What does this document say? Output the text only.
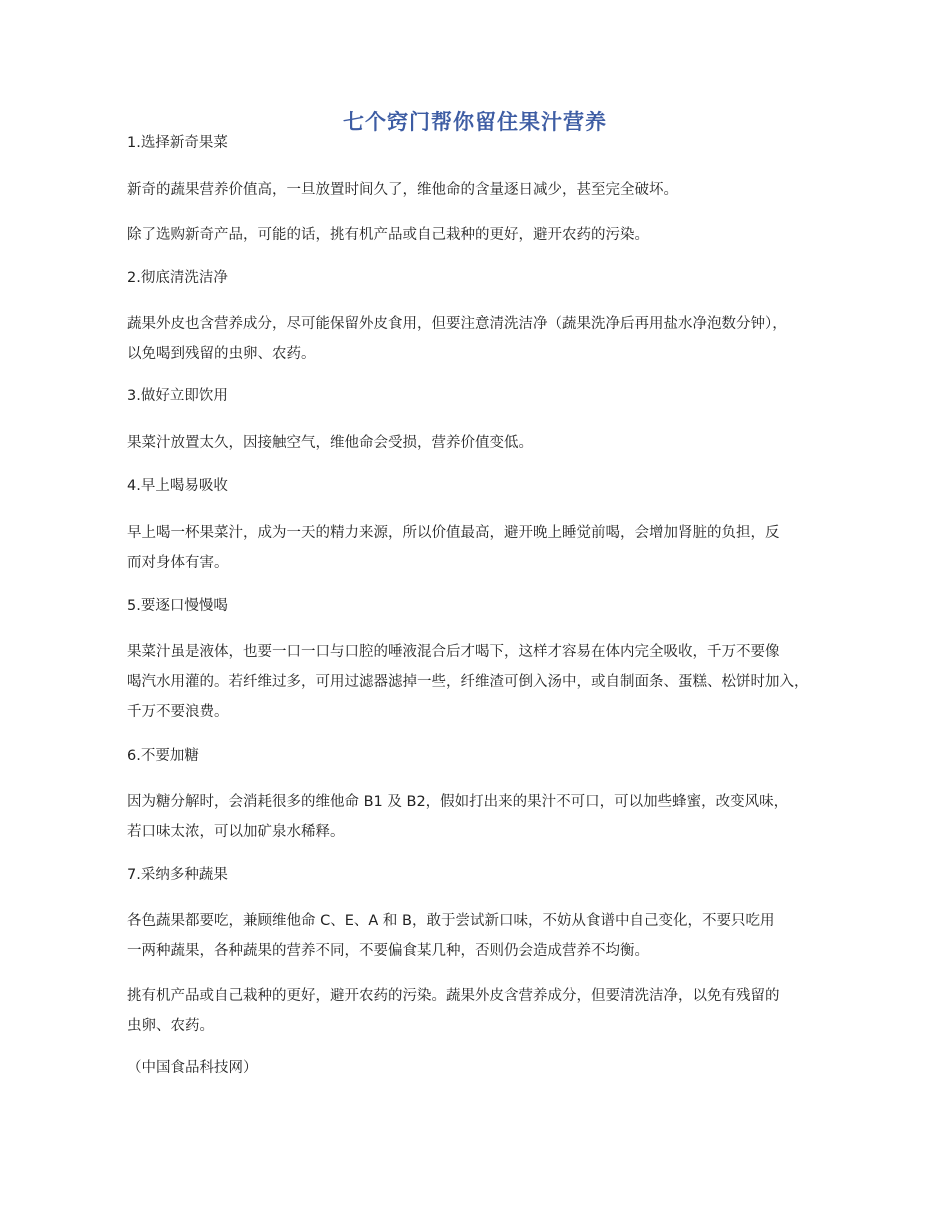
七个窍门帮你留住果汁营养

1.选择新奇果菜

新奇的蔬果营养价值高，一旦放置时间久了，维他命的含量逐日减少，甚至完全破坏。

除了选购新奇产品，可能的话，挑有机产品或自己栽种的更好，避开农药的污染。

2.彻底清洗洁净

蔬果外皮也含营养成分，尽可能保留外皮食用，但要注意清洗洁净（蔬果洗净后再用盐水净泡数分钟），
以免喝到残留的虫卵、农药。

3.做好立即饮用

果菜汁放置太久，因接触空气，维他命会受损，营养价值变低。

4.早上喝易吸收

早上喝一杯果菜汁，成为一天的精力来源，所以价值最高，避开晚上睡觉前喝，会增加肾脏的负担，反
而对身体有害。

5.要逐口慢慢喝

果菜汁虽是液体，也要一口一口与口腔的唾液混合后才喝下，这样才容易在体内完全吸收，千万不要像
喝汽水用灌的。若纤维过多，可用过滤器滤掉一些，纤维渣可倒入汤中，或自制面条、蛋糕、松饼时加入，
千万不要浪费。

6.不要加糖

因为糖分解时，会消耗很多的维他命 B1 及 B2，假如打出来的果汁不可口，可以加些蜂蜜，改变风味，
若口味太浓，可以加矿泉水稀释。

7.采纳多种蔬果

各色蔬果都要吃，兼顾维他命 C、E、A 和 B，敢于尝试新口味，不妨从食谱中自己变化，不要只吃用
一两种蔬果，各种蔬果的营养不同，不要偏食某几种，否则仍会造成营养不均衡。

挑有机产品或自己栽种的更好，避开农药的污染。蔬果外皮含营养成分，但要清洗洁净，以免有残留的
虫卵、农药。

（中国食品科技网）
